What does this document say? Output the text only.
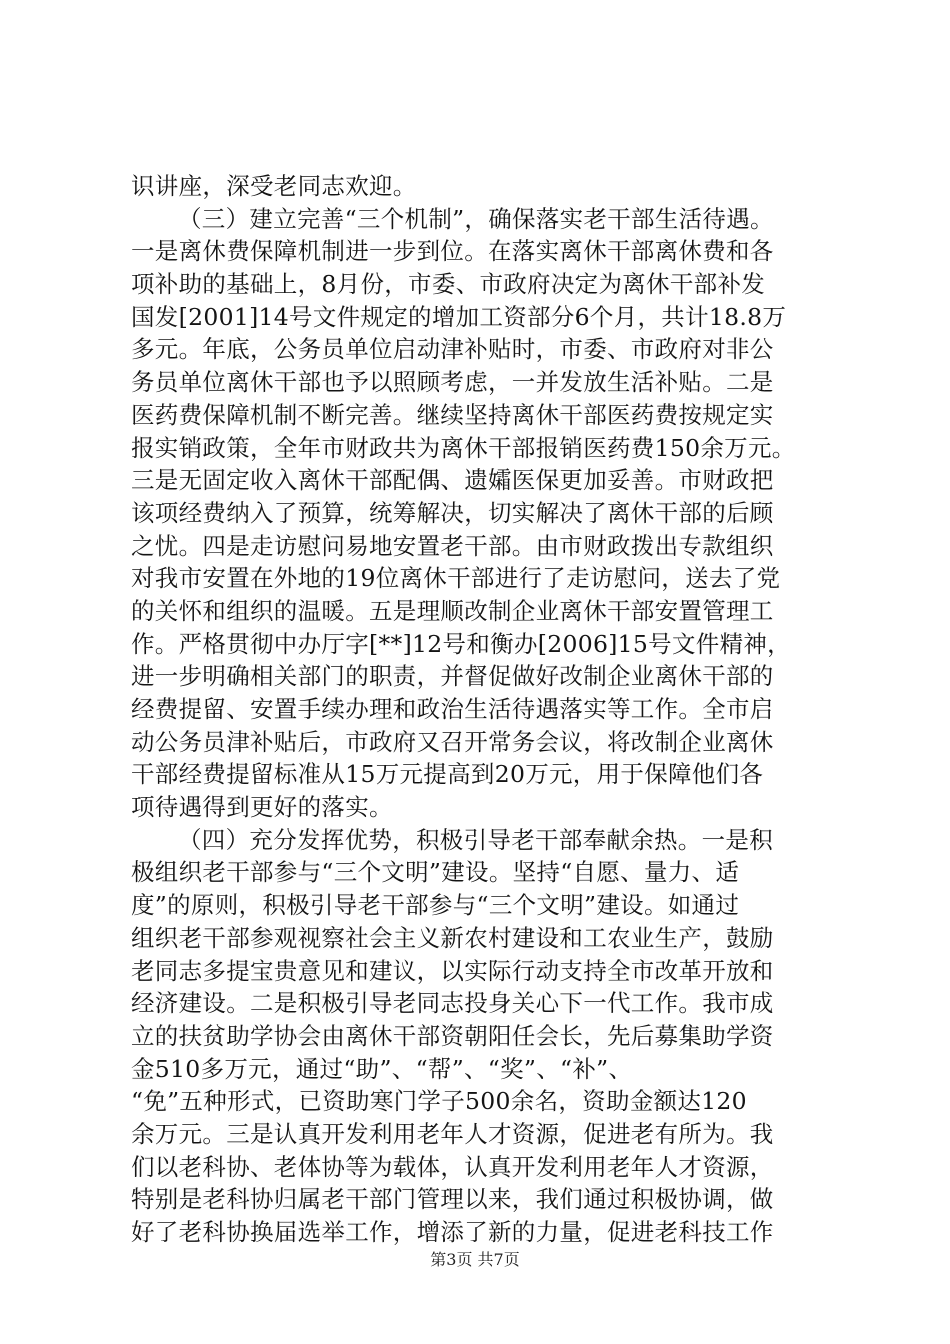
识讲座，深受老同志欢迎。
（三）建立完善“三个机制”，确保落实老干部生活待遇。
一是离休费保障机制进一步到位。在落实离休干部离休费和各
项补助的基础上，8月份，市委、市政府决定为离休干部补发
国发[2001]14号文件规定的增加工资部分6个月，共计18.8万
多元。年底，公务员单位启动津补贴时，市委、市政府对非公
务员单位离休干部也予以照顾考虑，一并发放生活补贴。二是
医药费保障机制不断完善。继续坚持离休干部医药费按规定实
报实销政策，全年市财政共为离休干部报销医药费150余万元。
三是无固定收入离休干部配偶、遗孀医保更加妥善。市财政把
该项经费纳入了预算，统筹解决，切实解决了离休干部的后顾
之忧。四是走访慰问易地安置老干部。由市财政拨出专款组织
对我市安置在外地的19位离休干部进行了走访慰问，送去了党
的关怀和组织的温暖。五是理顺改制企业离休干部安置管理工
作。严格贯彻中办厅字[**]12号和衡办[2006]15号文件精神，
进一步明确相关部门的职责，并督促做好改制企业离休干部的
经费提留、安置手续办理和政治生活待遇落实等工作。全市启
动公务员津补贴后，市政府又召开常务会议，将改制企业离休
干部经费提留标准从15万元提高到20万元，用于保障他们各
项待遇得到更好的落实。
（四）充分发挥优势，积极引导老干部奉献余热。一是积
极组织老干部参与“三个文明”建设。坚持“自愿、量力、适
度”的原则，积极引导老干部参与“三个文明”建设。如通过
组织老干部参观视察社会主义新农村建设和工农业生产，鼓励
老同志多提宝贵意见和建议，以实际行动支持全市改革开放和
经济建设。二是积极引导老同志投身关心下一代工作。我市成
立的扶贫助学协会由离休干部资朝阳任会长，先后募集助学资
金510多万元，通过“助”、“帮”、“奖”、“补”、
“免”五种形式，已资助寒门学子500余名，资助金额达120
余万元。三是认真开发利用老年人才资源，促进老有所为。我
们以老科协、老体协等为载体，认真开发利用老年人才资源，
特别是老科协归属老干部门管理以来，我们通过积极协调，做
好了老科协换届选举工作，增添了新的力量，促进老科技工作
第3页 共7页
